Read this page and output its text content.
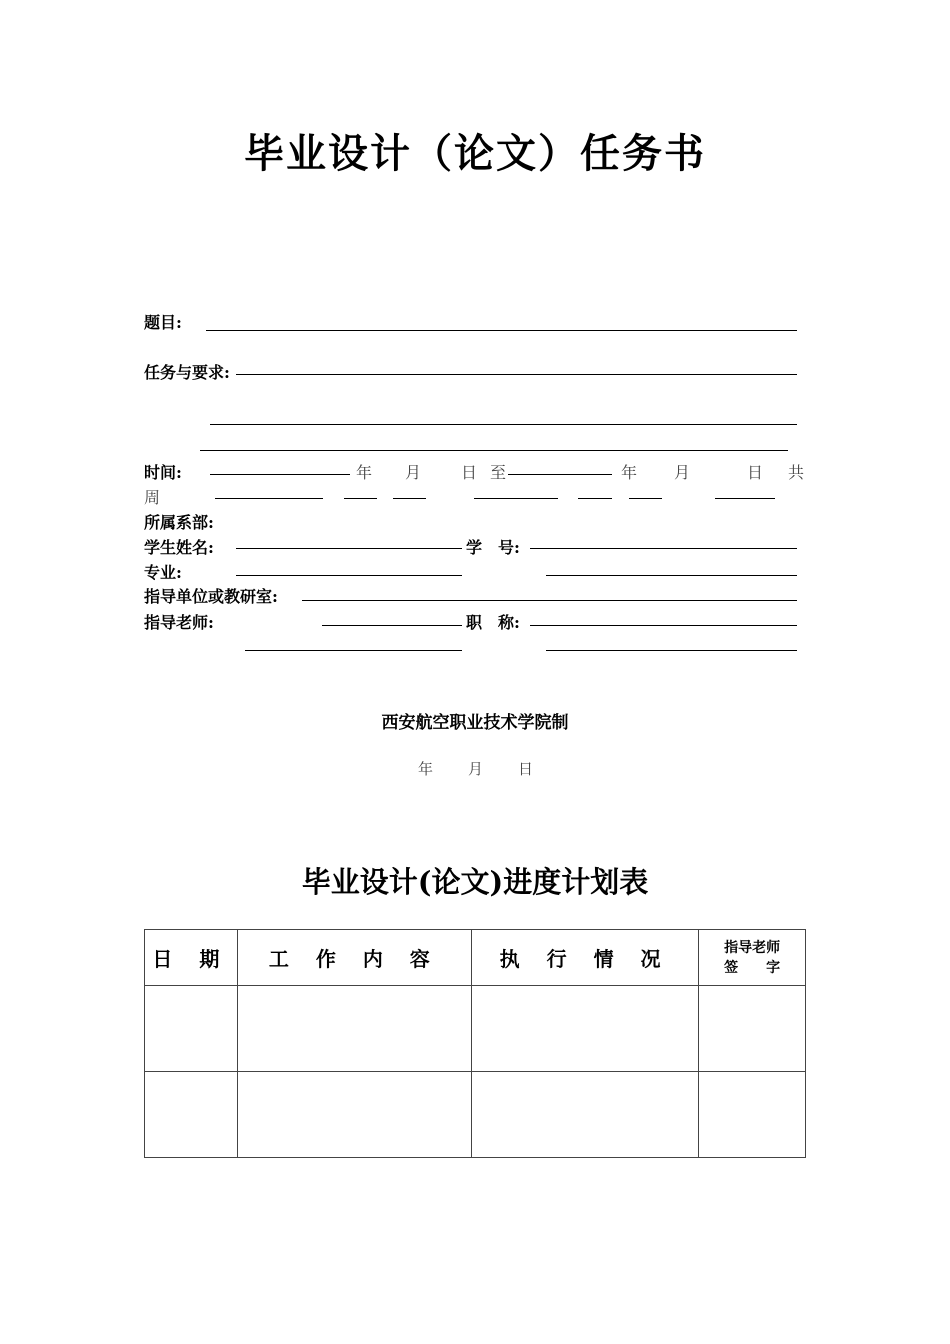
毕业设计（论文）任务书
题目:
任务与要求:
时间:	年 月 日 至	年 月	日 共
周
所属系部:
学生姓名:	学　号:
专业:
指导单位或教研室:
指导老师:	职　称:
西安航空职业技术学院制
年 月 日
毕业设计(论文)进度计划表
日 期	工 作 内 容	执 行 情 况	指导老师
签　　字
